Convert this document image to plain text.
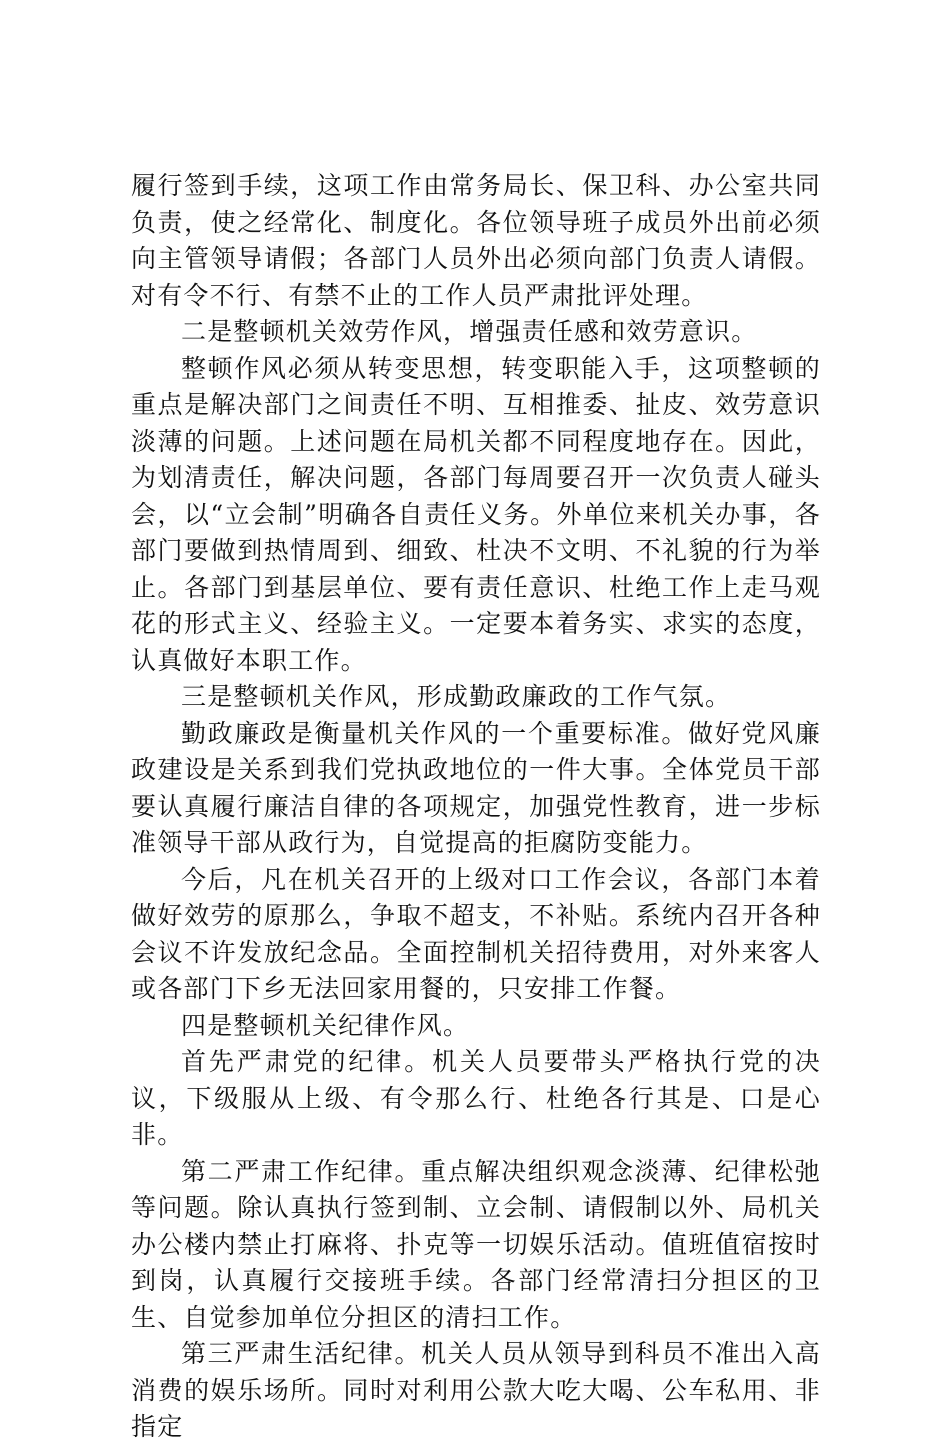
履行签到手续，这项工作由常务局长、保卫科、办公室共同负责，使之经常化、制度化。各位领导班子成员外出前必须向主管领导请假；各部门人员外出必须向部门负责人请假。对有令不行、有禁不止的工作人员严肃批评处理。

二是整顿机关效劳作风，增强责任感和效劳意识。

整顿作风必须从转变思想，转变职能入手，这项整顿的重点是解决部门之间责任不明、互相推委、扯皮、效劳意识淡薄的问题。上述问题在局机关都不同程度地存在。因此，为划清责任，解决问题，各部门每周要召开一次负责人碰头会，以“立会制”明确各自责任义务。外单位来机关办事，各部门要做到热情周到、细致、杜决不文明、不礼貌的行为举止。各部门到基层单位、要有责任意识、杜绝工作上走马观花的形式主义、经验主义。一定要本着务实、求实的态度，认真做好本职工作。

三是整顿机关作风，形成勤政廉政的工作气氛。

勤政廉政是衡量机关作风的一个重要标准。做好党风廉政建设是关系到我们党执政地位的一件大事。全体党员干部要认真履行廉洁自律的各项规定，加强党性教育，进一步标准领导干部从政行为，自觉提高的拒腐防变能力。

今后，凡在机关召开的上级对口工作会议，各部门本着做好效劳的原那么，争取不超支，不补贴。系统内召开各种会议不许发放纪念品。全面控制机关招待费用，对外来客人或各部门下乡无法回家用餐的，只安排工作餐。

四是整顿机关纪律作风。

首先严肃党的纪律。机关人员要带头严格执行党的决议，下级服从上级、有令那么行、杜绝各行其是、口是心非。

第二严肃工作纪律。重点解决组织观念淡薄、纪律松弛等问题。除认真执行签到制、立会制、请假制以外、局机关办公楼内禁止打麻将、扑克等一切娱乐活动。值班值宿按时到岗，认真履行交接班手续。各部门经常清扫分担区的卫生、自觉参加单位分担区的清扫工作。

第三严肃生活纪律。机关人员从领导到科员不准出入高消费的娱乐场所。同时对利用公款大吃大喝、公车私用、非指定
